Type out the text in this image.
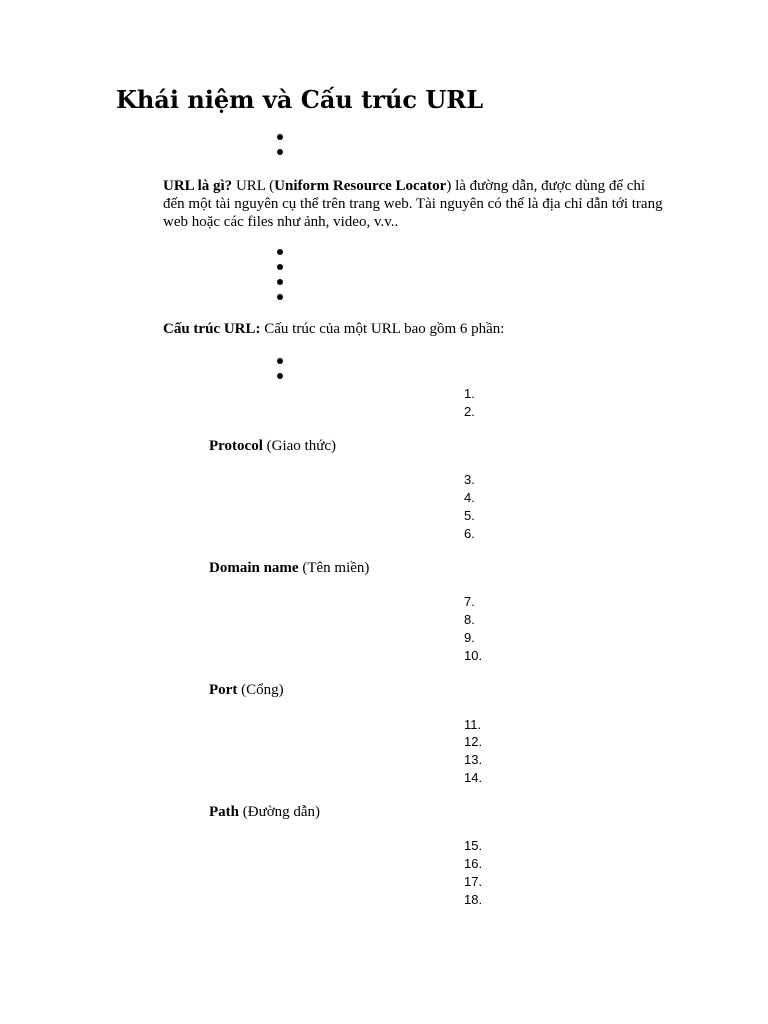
Khái niệm và Cấu trúc URL
URL là gì? URL (Uniform Resource Locator) là đường dẫn, được dùng để chỉ đến một tài nguyên cụ thể trên trang web. Tài nguyên có thể là địa chỉ dẫn tới trang web hoặc các files như ảnh, video, v.v..
Cấu trúc URL: Cấu trúc của một URL bao gồm 6 phần:
1.
2.
Protocol (Giao thức)
3.
4.
5.
6.
Domain name (Tên miền)
7.
8.
9.
10.
Port (Cổng)
11.
12.
13.
14.
Path (Đường dẫn)
15.
16.
17.
18.
